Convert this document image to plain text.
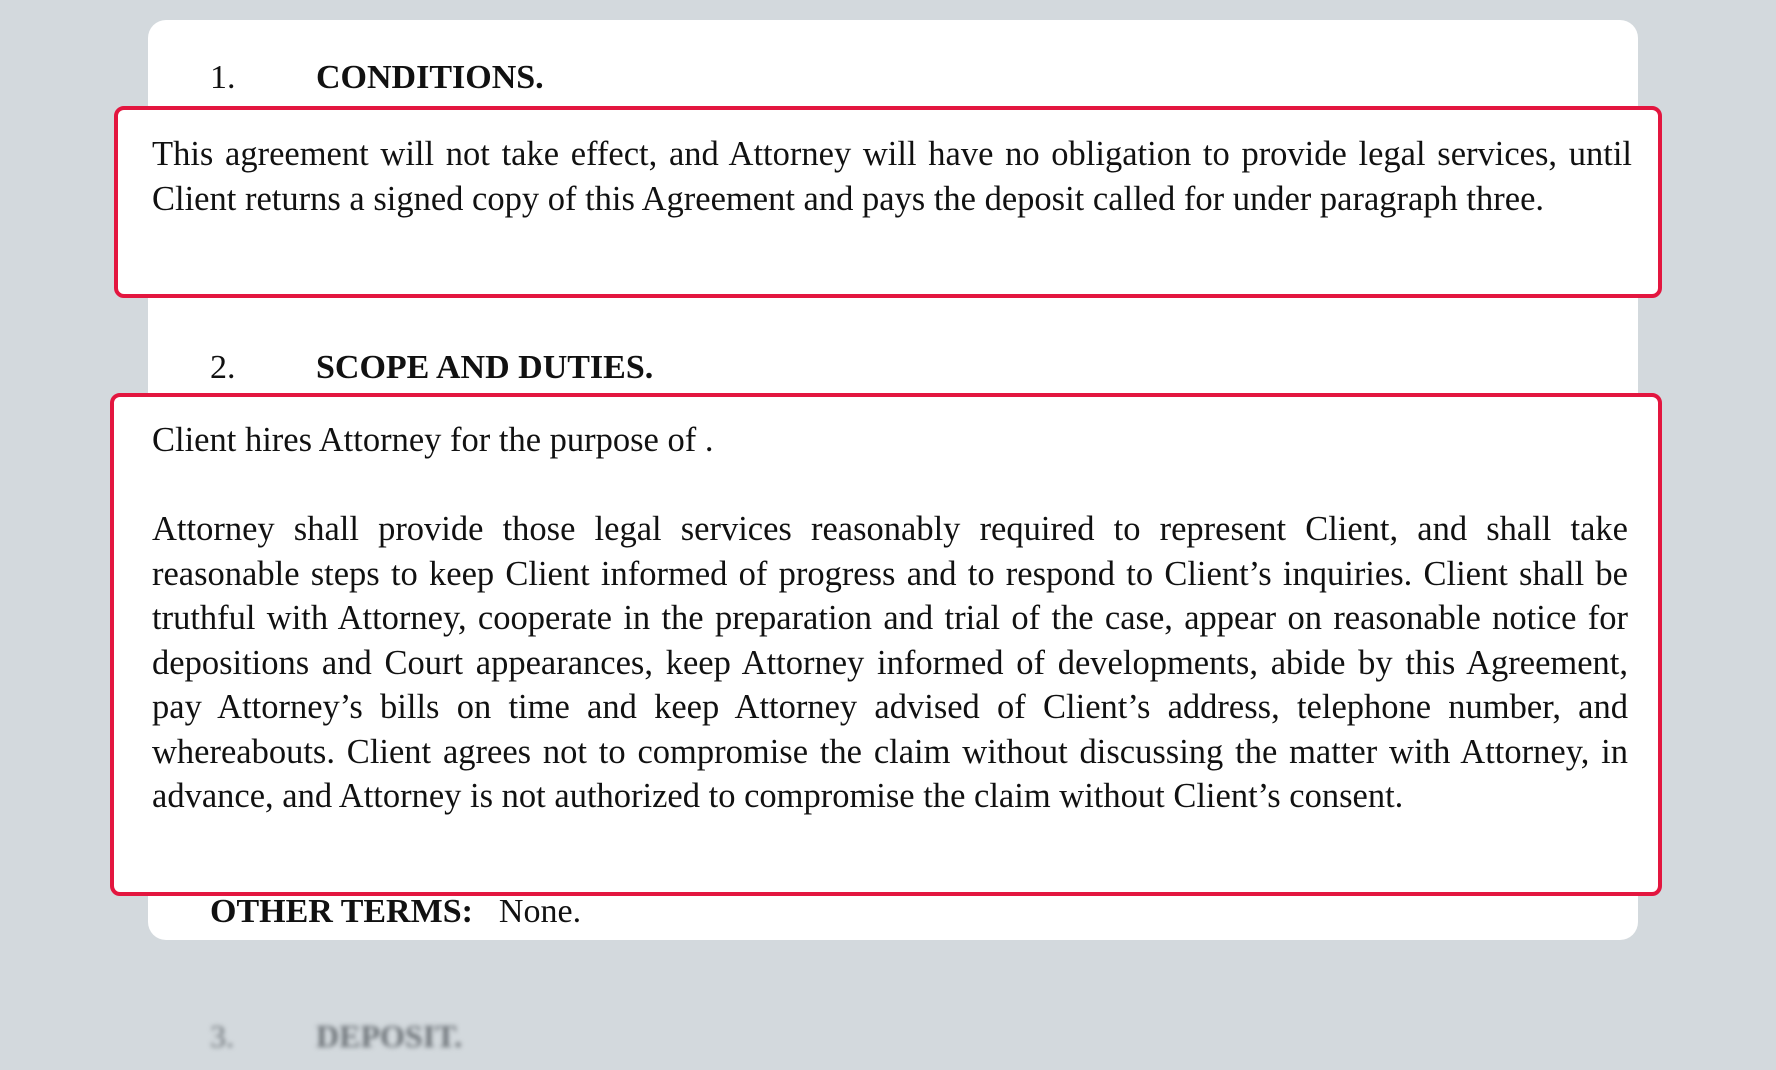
1. CONDITIONS.

This agreement will not take effect, and Attorney will have no obligation to provide legal services, until Client returns a signed copy of this Agreement and pays the deposit called for under paragraph three.

2. SCOPE AND DUTIES.

Client hires Attorney for the purpose of .

Attorney shall provide those legal services reasonably required to represent Client, and shall take reasonable steps to keep Client informed of progress and to respond to Client’s inquiries. Client shall be truthful with Attorney, cooperate in the preparation and trial of the case, appear on reasonable notice for depositions and Court appearances, keep Attorney informed of developments, abide by this Agreement, pay Attorney’s bills on time and keep Attorney advised of Client’s address, telephone number, and whereabouts. Client agrees not to compromise the claim without discussing the matter with Attorney, in advance, and Attorney is not authorized to compromise the claim without Client’s consent.

OTHER TERMS: None.
3.	DEPOSIT.
